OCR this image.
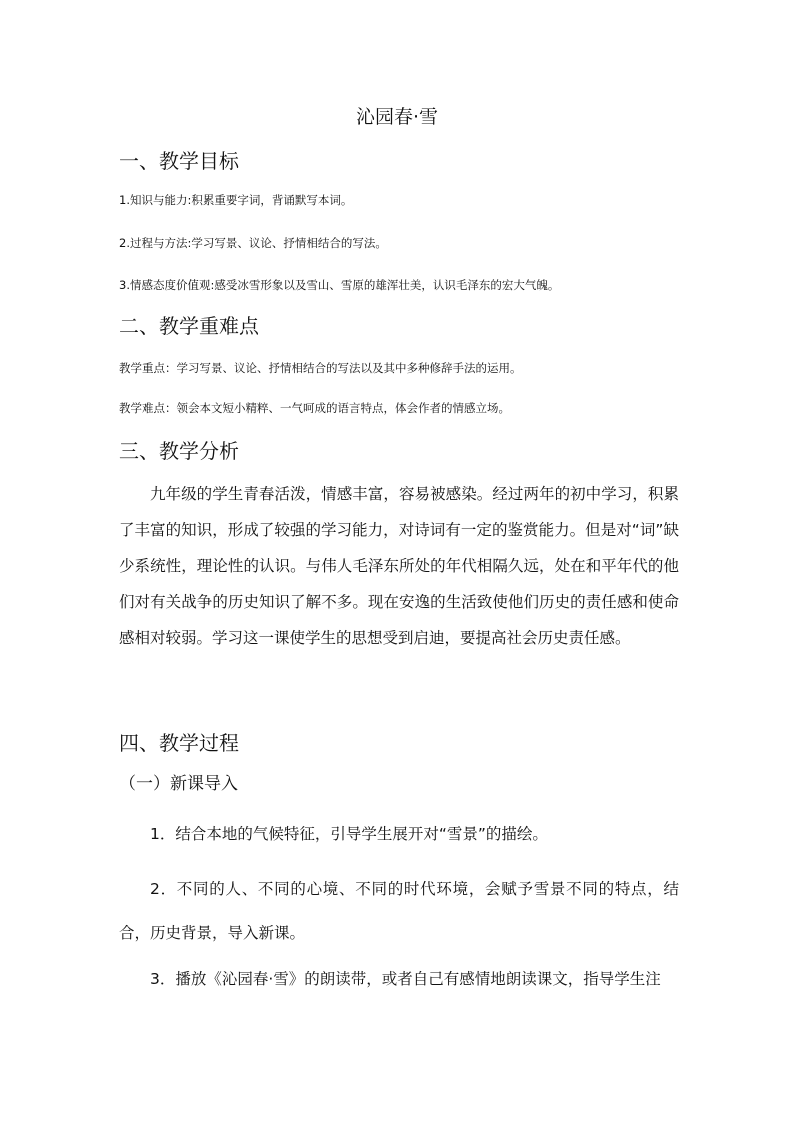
沁园春·雪
一、教学目标
1.知识与能力:积累重要字词，背诵默写本词。
2.过程与方法:学习写景、议论、抒情相结合的写法。
3.情感态度价值观:感受冰雪形象以及雪山、雪原的雄浑壮美，认识毛泽东的宏大气魄。
二、教学重难点
教学重点：学习写景、议论、抒情相结合的写法以及其中多种修辞手法的运用。
教学难点：领会本文短小精粹、一气呵成的语言特点，体会作者的情感立场。
三、教学分析

九年级的学生青春活泼，情感丰富，容易被感染。经过两年的初中学习，积累了丰富的知识，形成了较强的学习能力，对诗词有一定的鉴赏能力。但是对“词”缺少系统性，理论性的认识。与伟人毛泽东所处的年代相隔久远，处在和平年代的他们对有关战争的历史知识了解不多。现在安逸的生活致使他们历史的责任感和使命感相对较弱。学习这一课使学生的思想受到启迪，要提高社会历史责任感。

四、教学过程
（一）新课导入
1．结合本地的气候特征，引导学生展开对“雪景”的描绘。

2．不同的人、不同的心境、不同的时代环境，会赋予雪景不同的特点，结合，历史背景，导入新课。

3．播放《沁园春·雪》的朗读带，或者自己有感情地朗读课文，指导学生注
